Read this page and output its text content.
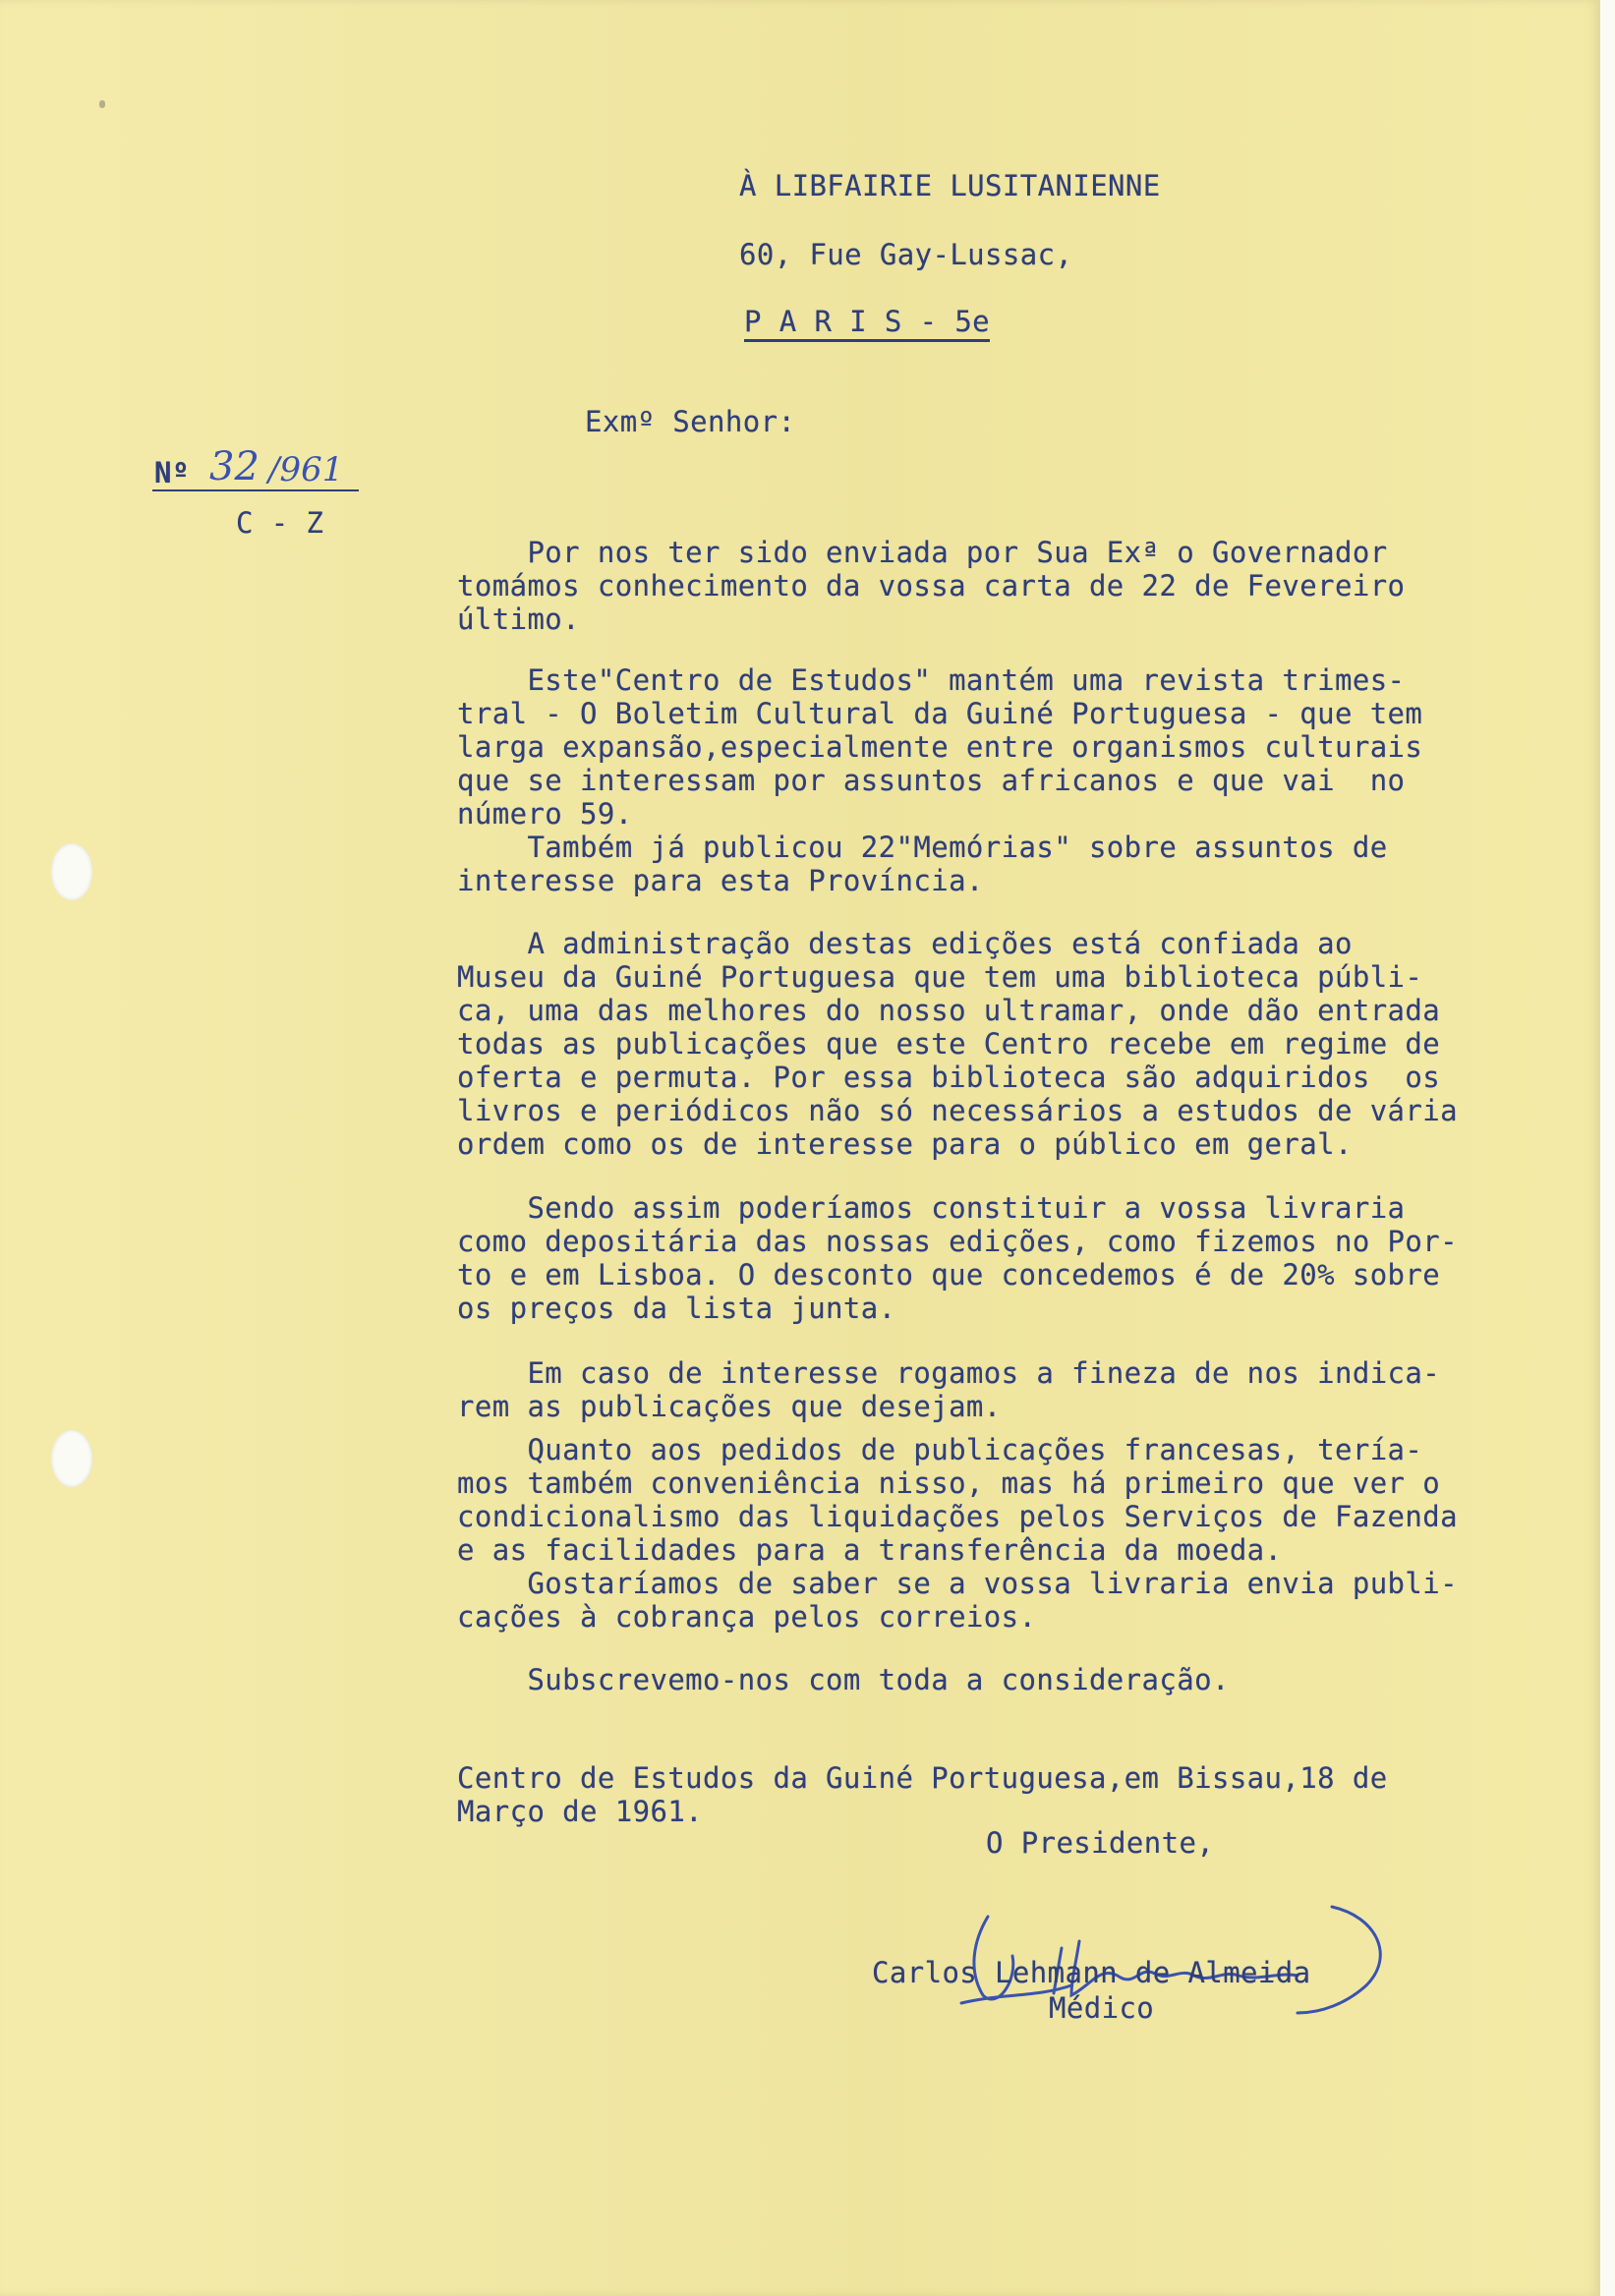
À LIBFAIRIE LUSITANIENNE
60, Fue Gay-Lussac,
P A R I S - 5e
Exmº Senhor:
Nº 32 /961
C - Z
Por nos ter sido enviada por Sua Exª o Governador
tomámos conhecimento da vossa carta de 22 de Fevereiro
último.
Este"Centro de Estudos" mantém uma revista trimes-
tral - O Boletim Cultural da Guiné Portuguesa - que tem
larga expansão,especialmente entre organismos culturais
que se interessam por assuntos africanos e que vai  no
número 59.
Também já publicou 22"Memórias" sobre assuntos de
interesse para esta Província.
A administração destas edições está confiada ao
Museu da Guiné Portuguesa que tem uma biblioteca públi-
ca, uma das melhores do nosso ultramar, onde dão entrada
todas as publicações que este Centro recebe em regime de
oferta e permuta. Por essa biblioteca são adquiridos  os
livros e periódicos não só necessários a estudos de vária
ordem como os de interesse para o público em geral.
Sendo assim poderíamos constituir a vossa livraria
como depositária das nossas edições, como fizemos no Por-
to e em Lisboa. O desconto que concedemos é de 20% sobre
os preços da lista junta.
Em caso de interesse rogamos a fineza de nos indica-
rem as publicações que desejam.
Quanto aos pedidos de publicações francesas, tería-
mos também conveniência nisso, mas há primeiro que ver o
condicionalismo das liquidações pelos Serviços de Fazenda
e as facilidades para a transferência da moeda.
Gostaríamos de saber se a vossa livraria envia publi-
cações à cobrança pelos correios.
Subscrevemo-nos com toda a consideração.
Centro de Estudos da Guiné Portuguesa,em Bissau,18 de
Março de 1961.
O Presidente,
Carlos Lehmann de Almeida
Médico
